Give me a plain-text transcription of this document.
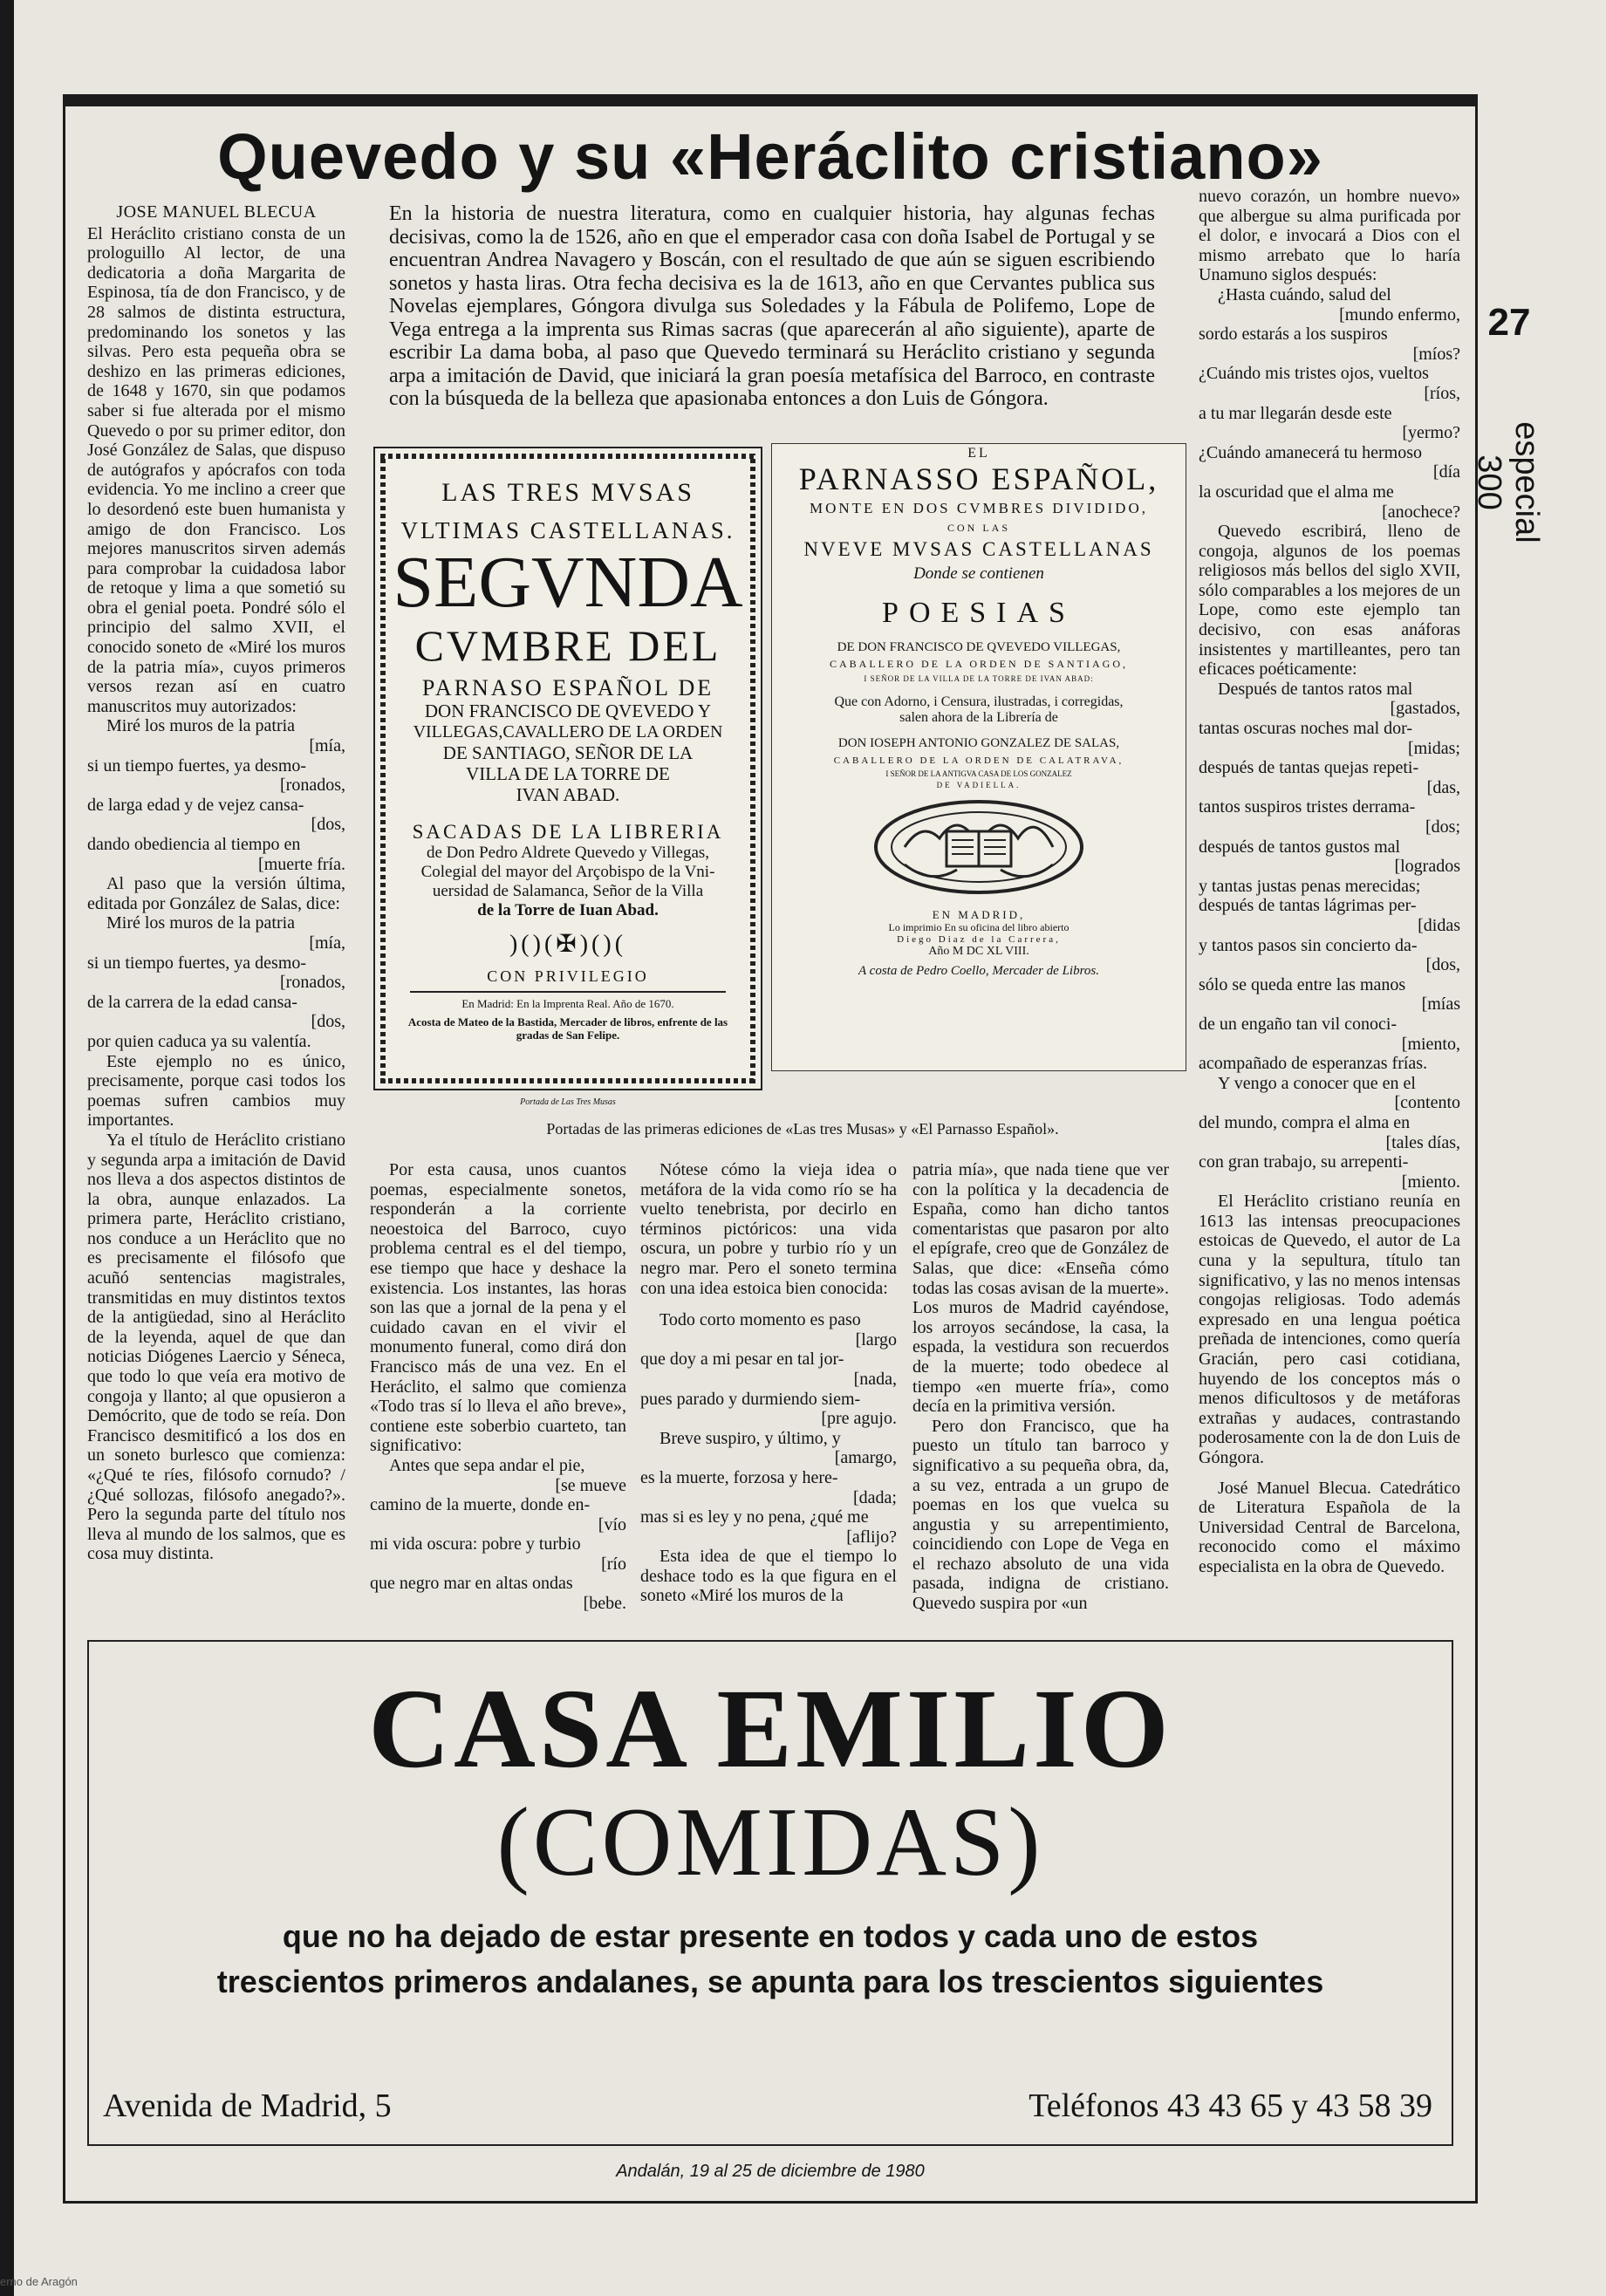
Quevedo y su «Heráclito cristiano»
27
especial 300
JOSE MANUEL BLECUA

El Heráclito cristiano consta de un prologuillo Al lector, de una dedicatoria a doña Margarita de Espinosa, tía de don Francisco, y de 28 salmos de distinta estructura, predominando los sonetos y las silvas. Pero esta pequeña obra se deshizo en las primeras ediciones, de 1648 y 1670, sin que podamos saber si fue alterada por el mismo Quevedo o por su primer editor, don José González de Salas, que dispuso de autógrafos y apócrafos con toda evidencia. Yo me inclino a creer que lo desordenó este buen humanista y amigo de don Francisco. Los mejores manuscritos sirven además para comprobar la cuidadosa labor de retoque y lima a que sometió su obra el genial poeta. Pondré sólo el principio del salmo XVII, el conocido soneto de «Miré los muros de la patria mía», cuyos primeros versos rezan así en cuatro manuscritos muy autorizados:

Miré los muros de la patria
[mía,
si un tiempo fuertes, ya desmo-
[ronados,
de larga edad y de vejez cansa-
[dos,
dando obediencia al tiempo en
[muerte fría.

Al paso que la versión última, editada por González de Salas, dice:

Miré los muros de la patria
[mía,
si un tiempo fuertes, ya desmo-
[ronados,
de la carrera de la edad cansa-
[dos,
por quien caduca ya su valentía.

Este ejemplo no es único, precisamente, porque casi todos los poemas sufren cambios muy importantes.

Ya el título de Heráclito cristiano y segunda arpa a imitación de David nos lleva a dos aspectos distintos de la obra, aunque enlazados. La primera parte, Heráclito cristiano, nos conduce a un Heráclito que no es precisamente el filósofo que acuñó sentencias magistrales, transmitidas en muy distintos textos de la antigüedad, sino al Heráclito de la leyenda, aquel de que dan noticias Diógenes Laercio y Séneca, que todo lo que veía era motivo de congoja y llanto; al que opusieron a Demócrito, que de todo se reía. Don Francisco desmitificó a los dos en un soneto burlesco que comienza: «¿Qué te ríes, filósofo cornudo? / ¿Qué sollozas, filósofo anegado?». Pero la segunda parte del título nos lleva al mundo de los salmos, que es cosa muy distinta.

En la historia de nuestra literatura, como en cualquier historia, hay algunas fechas decisivas, como la de 1526, año en que el emperador casa con doña Isabel de Portugal y se encuentran Andrea Navagero y Boscán, con el resultado de que aún se siguen escribiendo sonetos y hasta liras. Otra fecha decisiva es la de 1613, año en que Cervantes publica sus Novelas ejemplares, Góngora divulga sus Soledades y la Fábula de Polifemo, Lope de Vega entrega a la imprenta sus Rimas sacras (que aparecerán al año siguiente), aparte de escribir La dama boba, al paso que Quevedo terminará su Heráclito cristiano y segunda arpa a imitación de David, que iniciará la gran poesía metafísica del Barroco, en contraste con la búsqueda de la belleza que apasionaba entonces a don Luis de Góngora.

LAS TRES MVSAS

VLTIMAS CASTELLANAS.

SEGVNDA

CVMBRE DEL

PARNASO ESPAÑOL DE

DON FRANCISCO DE QVEVEDO Y

VILLEGAS,CAVALLERO DE LA ORDEN

DE SANTIAGO, SEÑOR DE LA

VILLA DE LA TORRE DE

IVAN ABAD.

SACADAS DE LA LIBRERIA

de Don Pedro Aldrete Quevedo y Villegas,

Colegial del mayor del Arçobispo de la Vni-

uersidad de Salamanca, Señor de la Villa

de la Torre de Iuan Abad.

)()(✠)()(

CON PRIVILEGIO

En Madrid: En la Imprenta Real. Año de 1670.

Acosta de Mateo de la Bastida, Mercader de libros, enfrente de las gradas de San Felipe.

Portada de Las Tres Musas

EL

PARNASSO ESPAÑOL,

MONTE EN DOS CVMBRES DIVIDIDO,

CON LAS

NVEVE MVSAS CASTELLANAS

Donde se contienen

POESIAS

DE DON FRANCISCO DE QVEVEDO VILLEGAS,

CABALLERO DE LA ORDEN DE SANTIAGO,

I SEÑOR DE LA VILLA DE LA TORRE DE IVAN ABAD:

Que con Adorno, i Censura, ilustradas, i corregidas,

salen ahora de la Librería de

DON IOSEPH ANTONIO GONZALEZ DE SALAS,

CABALLERO DE LA ORDEN DE CALATRAVA,

I SEÑOR DE LA ANTIGVA CASA DE LOS GONZALEZ

DE VADIELLA.

EN MADRID,

Lo imprimio En su oficina del libro abierto

Diego Diaz de la Carrera,

Año M DC XL VIII.

A costa de Pedro Coello, Mercader de Libros.

Portadas de las primeras ediciones de «Las tres Musas» y «El Parnasso Español».

Por esta causa, unos cuantos poemas, especialmente sonetos, responderán a la corriente neoestoica del Barroco, cuyo problema central es el del tiempo, ese tiempo que hace y deshace la existencia. Los instantes, las horas son las que a jornal de la pena y el cuidado cavan en el vivir el monumento funeral, como dirá don Francisco más de una vez. En el Heráclito, el salmo que comienza «Todo tras sí lo lleva el año breve», contiene este soberbio cuarteto, tan significativo:

Antes que sepa andar el pie,
[se mueve
camino de la muerte, donde en-
[vío
mi vida oscura: pobre y turbio
[río
que negro mar en altas ondas
[bebe.

Nótese cómo la vieja idea o metáfora de la vida como río se ha vuelto tenebrista, por decirlo en términos pictóricos: una vida oscura, un pobre y turbio río y un negro mar. Pero el soneto termina con una idea estoica bien conocida:

Todo corto momento es paso
[largo
que doy a mi pesar en tal jor-
[nada,
pues parado y durmiendo siem-
[pre agujo.
Breve suspiro, y último, y
[amargo,
es la muerte, forzosa y here-
[dada;
mas si es ley y no pena, ¿qué me
[aflijo?

Esta idea de que el tiempo lo deshace todo es la que figura en el soneto «Miré los muros de la

patria mía», que nada tiene que ver con la política y la decadencia de España, como han dicho tantos comentaristas que pasaron por alto el epígrafe, creo que de González de Salas, que dice: «Enseña cómo todas las cosas avisan de la muerte». Los muros de Madrid cayéndose, los arroyos secándose, la casa, la espada, la vestidura son recuerdos de la muerte; todo obedece al tiempo «en muerte fría», como decía en la primitiva versión.

Pero don Francisco, que ha puesto un título tan barroco y significativo a su pequeña obra, da, a su vez, entrada a un grupo de poemas en los que vuelca su angustia y su arrepentimiento, coincidiendo con Lope de Vega en el rechazo absoluto de una vida pasada, indigna de cristiano. Quevedo suspira por «un

nuevo corazón, un hombre nuevo» que albergue su alma purificada por el dolor, e invocará a Dios con el mismo arrebato que lo haría Unamuno siglos después:

¿Hasta cuándo, salud del
[mundo enfermo,
sordo estarás a los suspiros
[míos?
¿Cuándo mis tristes ojos, vueltos
[ríos,
a tu mar llegarán desde este
[yermo?
¿Cuándo amanecerá tu hermoso
[día
la oscuridad que el alma me
[anochece?

Quevedo escribirá, lleno de congoja, algunos de los poemas religiosos más bellos del siglo XVII, sólo comparables a los mejores de un Lope, como este ejemplo tan decisivo, con esas anáforas insistentes y martilleantes, pero tan eficaces poéticamente:

Después de tantos ratos mal
[gastados,
tantas oscuras noches mal dor-
[midas;
después de tantas quejas repeti-
[das,
tantos suspiros tristes derrama-
[dos;
después de tantos gustos mal
[logrados
y tantas justas penas merecidas;
después de tantas lágrimas per-
[didas
y tantos pasos sin concierto da-
[dos,
sólo se queda entre las manos
[mías
de un engaño tan vil conoci-
[miento,
acompañado de esperanzas frías.
Y vengo a conocer que en el
[contento
del mundo, compra el alma en
[tales días,
con gran trabajo, su arrepenti-
[miento.

El Heráclito cristiano reunía en 1613 las intensas preocupaciones estoicas de Quevedo, el autor de La cuna y la sepultura, título tan significativo, y las no menos intensas congojas religiosas. Todo además expresado en una lengua poética preñada de intenciones, como quería Gracián, pero casi cotidiana, huyendo de los conceptos más o menos dificultosos y de metáforas extrañas y audaces, contrastando poderosamente con la de don Luis de Góngora.

José Manuel Blecua. Catedrático de Literatura Española de la Universidad Central de Barcelona, reconocido como el máximo especialista en la obra de Quevedo.

CASA EMILIO
(COMIDAS)
que no ha dejado de estar presente en todos y cada uno de estos
trescientos primeros andalanes, se apunta para los trescientos siguientes
Avenida de Madrid, 5	Teléfonos 43 43 65 y 43 58 39
Andalán, 19 al 25 de diciembre de 1980
erno de Aragón
